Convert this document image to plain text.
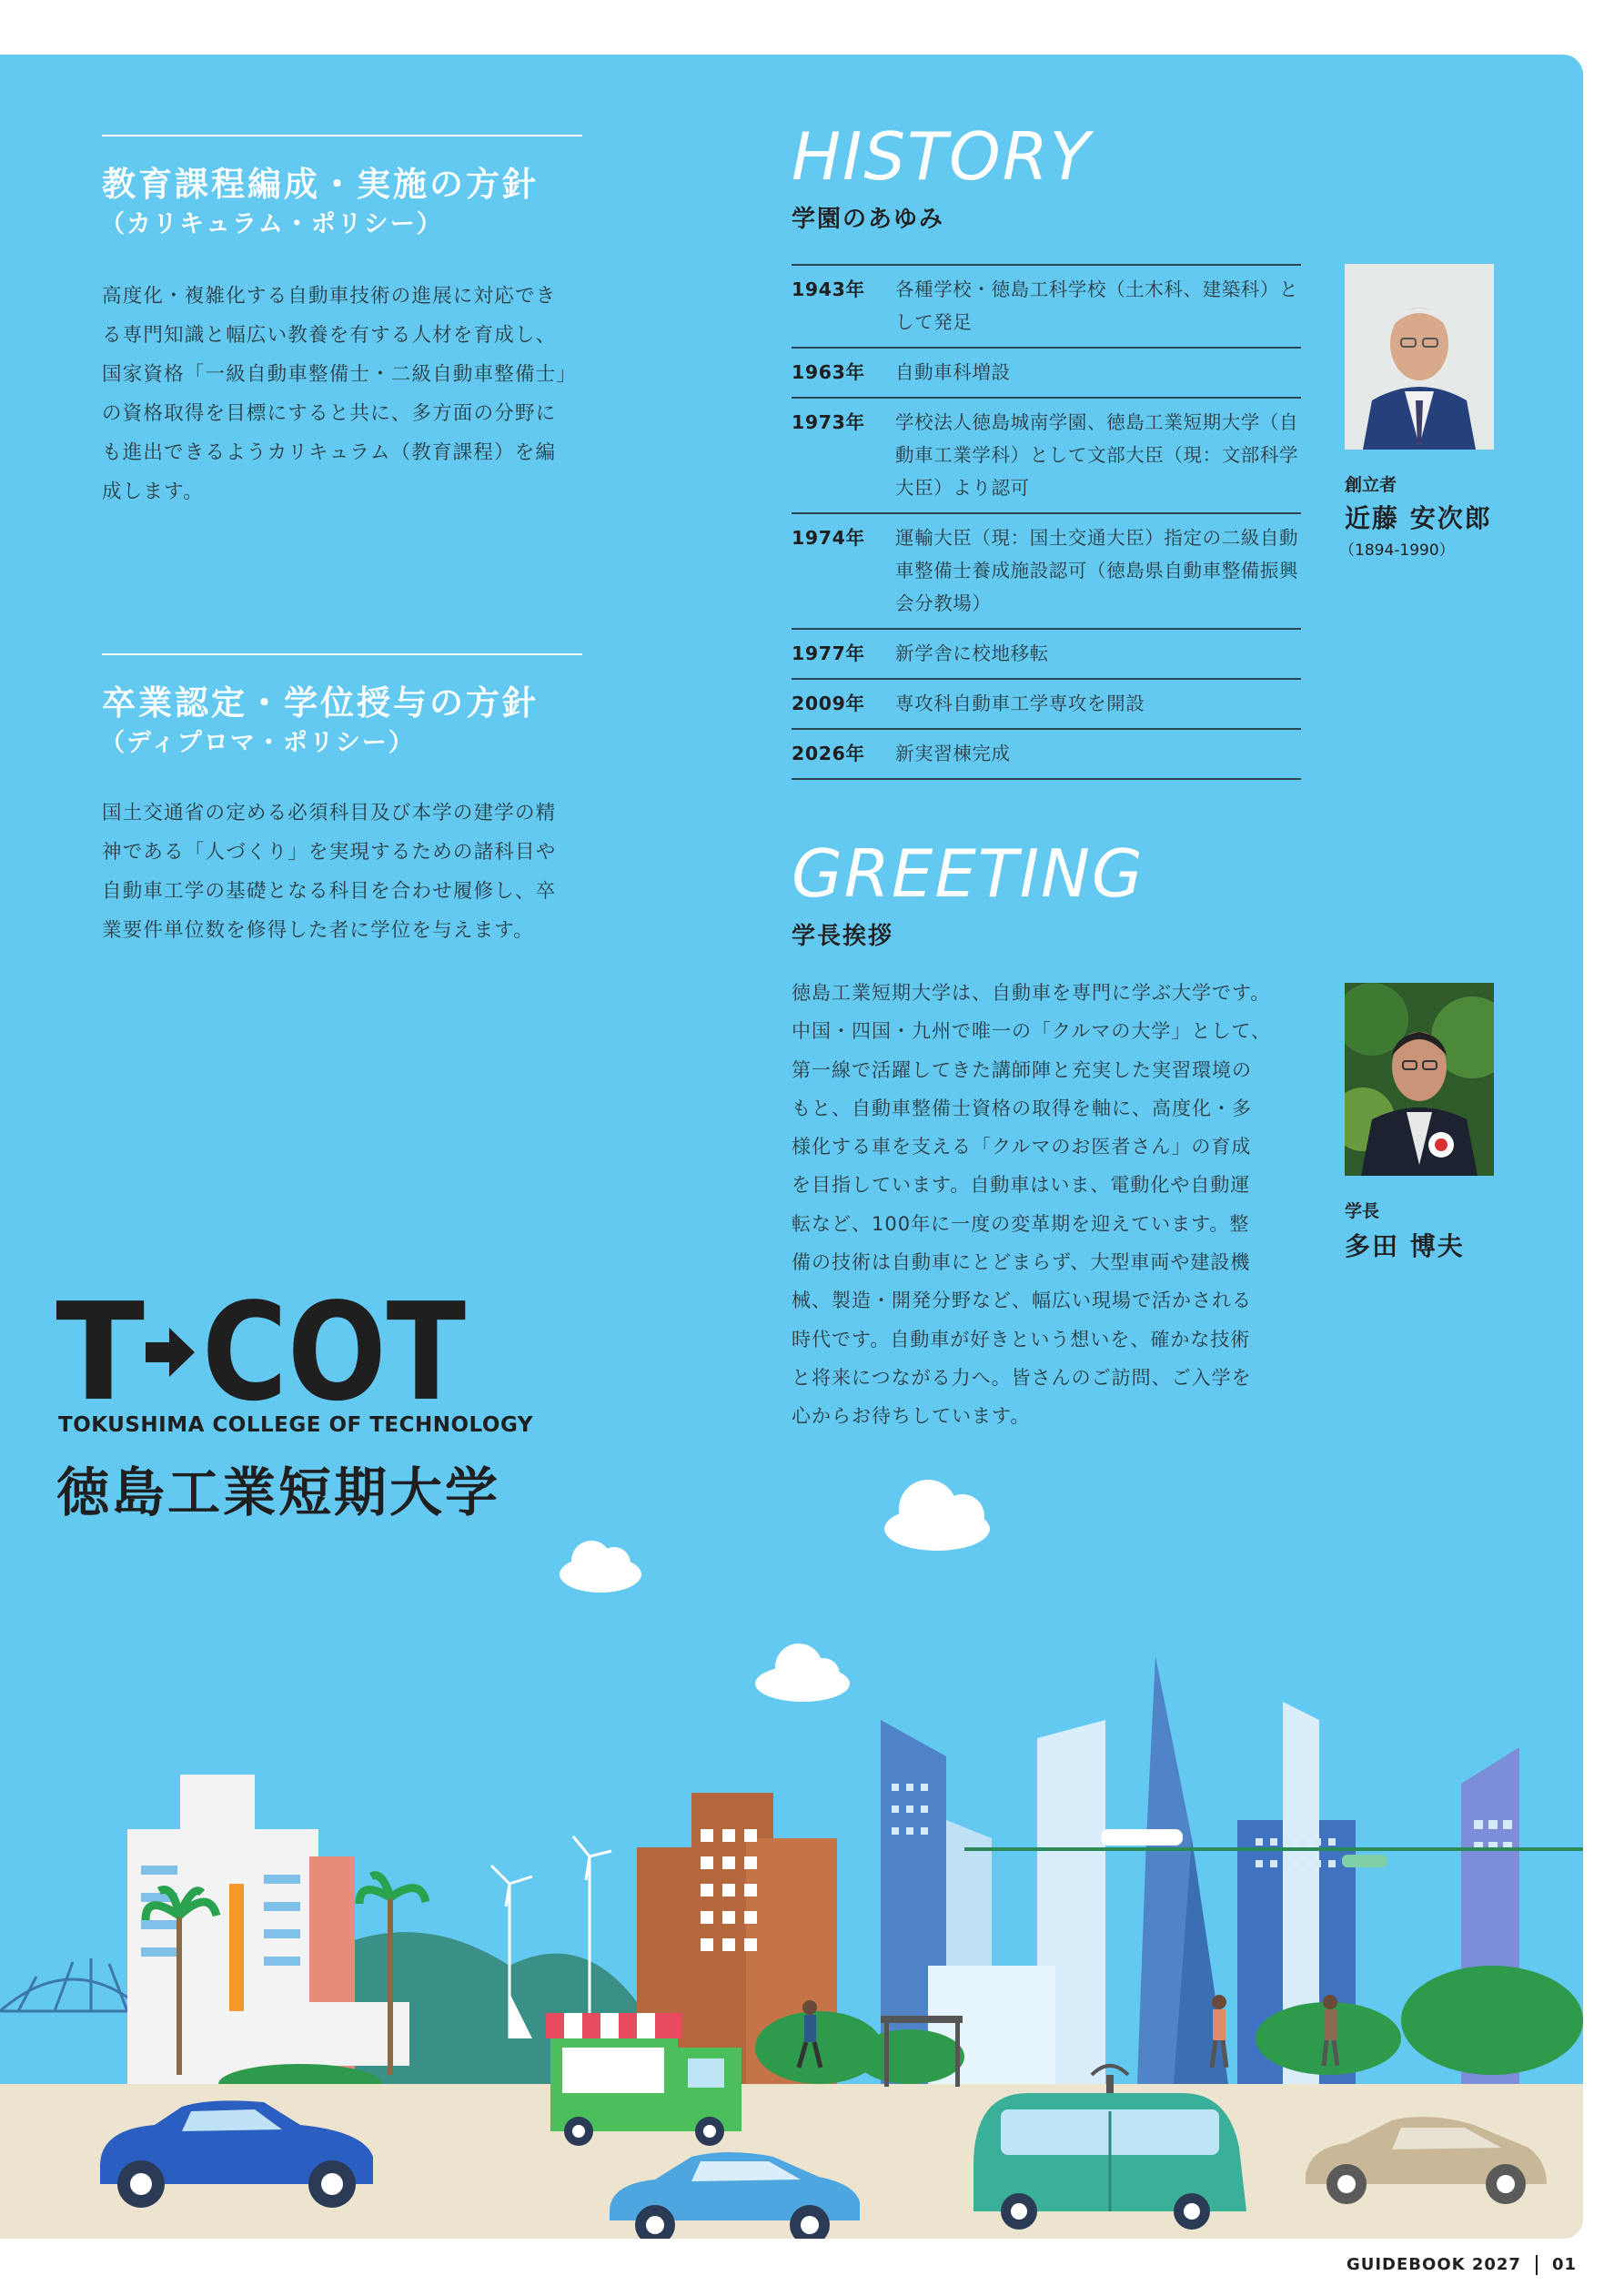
教育課程編成・実施の方針
（カリキュラム・ポリシー）
高度化・複雑化する自動車技術の進展に対応でき
る専門知識と幅広い教養を有する人材を育成し、
国家資格「一級自動車整備士・二級自動車整備士」
の資格取得を目標にすると共に、多方面の分野に
も進出できるようカリキュラム（教育課程）を編
成します。
卒業認定・学位授与の方針
（ディプロマ・ポリシー）
国土交通省の定める必須科目及び本学の建学の精
神である「人づくり」を実現するための諸科目や
自動車工学の基礎となる科目を合わせ履修し、卒
業要件単位数を修得した者に学位を与えます。
HISTORY
学園のあゆみ
1943年	各種学校・徳島工科学校（土木科、建築科）として発足
1963年	自動車科増設
1973年	学校法人徳島城南学園、徳島工業短期大学（自動車工業学科）として文部大臣（現：文部科学大臣）より認可
1974年	運輸大臣（現：国土交通大臣）指定の二級自動車整備士養成施設認可（徳島県自動車整備振興会分教場）
1977年	新学舎に校地移転
2009年	専攻科自動車工学専攻を開設
2026年	新実習棟完成

創立者

近藤 安次郎

（1894-1990）

GREETING
学長挨拶
徳島工業短期大学は、自動車を専門に学ぶ大学です。
中国・四国・九州で唯一の「クルマの大学」として、
第一線で活躍してきた講師陣と充実した実習環境の
もと、自動車整備士資格の取得を軸に、高度化・多
様化する車を支える「クルマのお医者さん」の育成
を目指しています。自動車はいま、電動化や自動運
転など、100年に一度の変革期を迎えています。整
備の技術は自動車にとどまらず、大型車両や建設機
械、製造・開発分野など、幅広い現場で活かされる
時代です。自動車が好きという想いを、確かな技術
と将来につながる力へ。皆さんのご訪問、ご入学を
心からお待ちしています。

学長

多田 博夫

T COT

TOKUSHIMA COLLEGE OF TECHNOLOGY

徳島工業短期大学

GUIDEBOOK 2027 01
